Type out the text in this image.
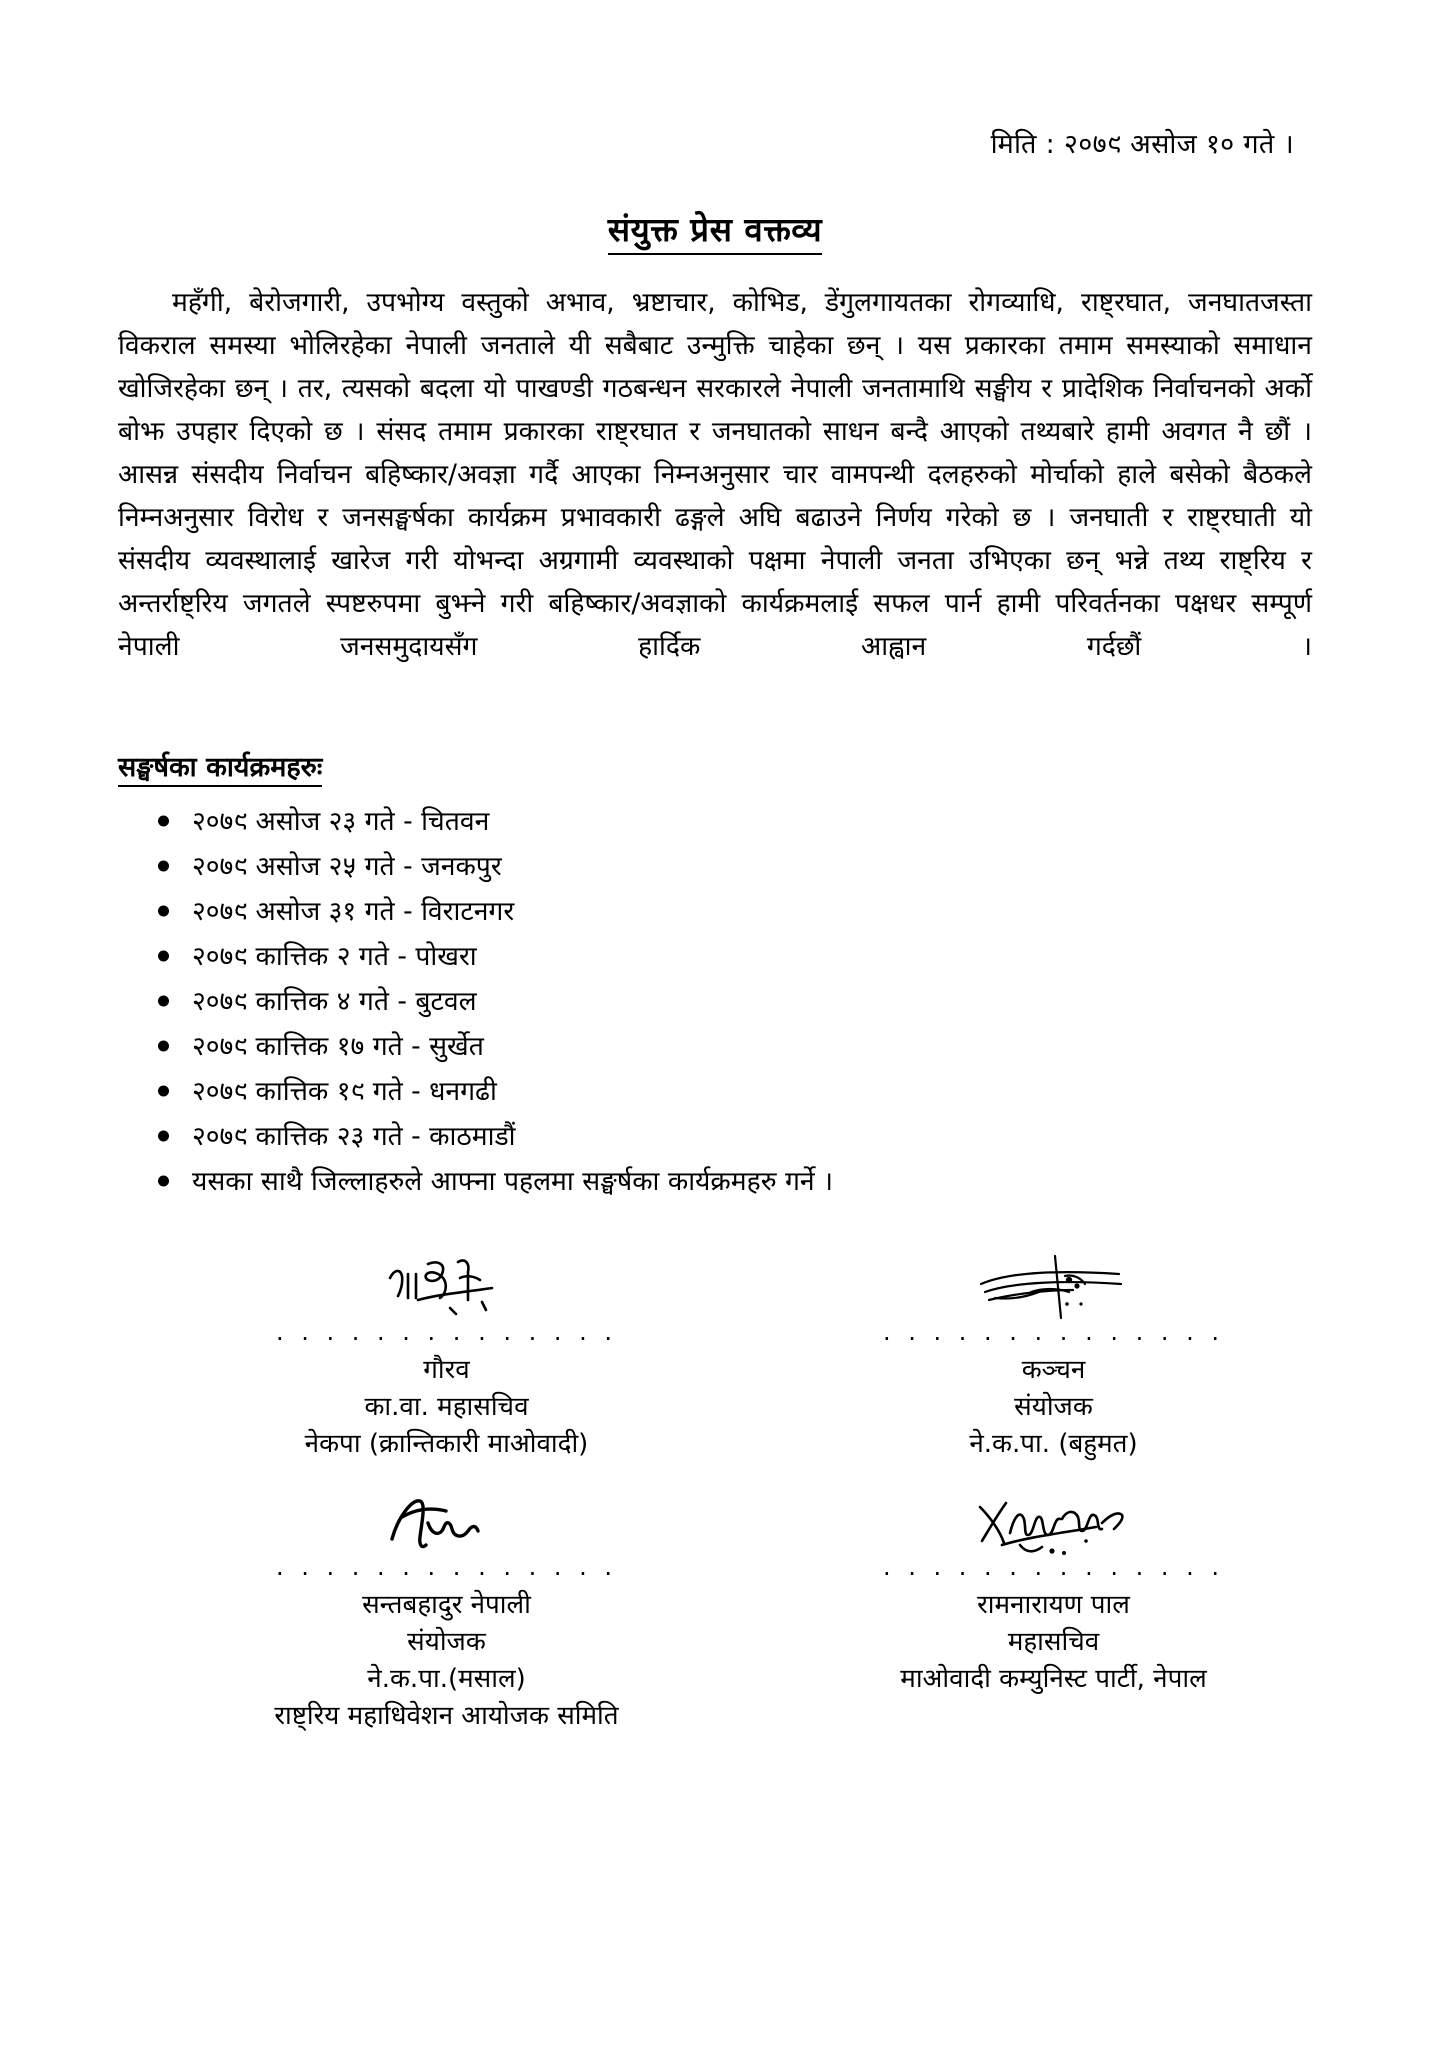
मिति : २०७९ असोज १० गते ।
संयुक्त प्रेस वक्तव्य

महँगी, बेरोजगारी, उपभोग्य वस्तुको अभाव, भ्रष्टाचार, कोभिड, डेंगुलगायतका रोगव्याधि, राष्ट्रघात, जनघातजस्ता विकराल समस्या भोलिरहेका नेपाली जनताले यी सबैबाट उन्मुक्ति चाहेका छन् । यस प्रकारका तमाम समस्याको समाधान खोजिरहेका छन् । तर, त्यसको बदला यो पाखण्डी गठबन्धन सरकारले नेपाली जनतामाथि सङ्घीय र प्रादेशिक निर्वाचनको अर्को बोझ उपहार दिएको छ । संसद तमाम प्रकारका राष्ट्रघात र जनघातको साधन बन्दै आएको तथ्यबारे हामी अवगत नै छौं । आसन्न संसदीय निर्वाचन बहिष्कार/अवज्ञा गर्दै आएका निम्नअनुसार चार वामपन्थी दलहरुको मोर्चाको हाले बसेको बैठकले निम्नअनुसार विरोध र जनसङ्घर्षका कार्यक्रम प्रभावकारी ढङ्गले अघि बढाउने निर्णय गरेको छ । जनघाती र राष्ट्रघाती यो संसदीय व्यवस्थालाई खारेज गरी योभन्दा अग्रगामी व्यवस्थाको पक्षमा नेपाली जनता उभिएका छन् भन्ने तथ्य राष्ट्रिय र अन्तर्राष्ट्रिय जगतले स्पष्टरुपमा बुझ्ने गरी बहिष्कार/अवज्ञाको कार्यक्रमलाई सफल पार्न हामी परिवर्तनका पक्षधर सम्पूर्ण नेपाली जनसमुदायसँग हार्दिक आह्वान गर्दछौं ।

सङ्घर्षका कार्यक्रमहरुः
२०७९ असोज २३ गते - चितवन
२०७९ असोज २५ गते - जनकपुर
२०७९ असोज ३१ गते - विराटनगर
२०७९ कात्तिक २ गते - पोखरा
२०७९ कात्तिक ४ गते - बुटवल
२०७९ कात्तिक १७ गते - सुर्खेत
२०७९ कात्तिक १९ गते - धनगढी
२०७९ कात्तिक २३ गते - काठमाडौं
यसका साथै जिल्लाहरुले आफ्ना पहलमा सङ्घर्षका कार्यक्रमहरु गर्ने ।
· · · · · · · · · · · · · ·
गौरव
का.वा. महासचिव
नेकपा (क्रान्तिकारी माओवादी)
· · · · · · · · · · · · · ·
कञ्चन
संयोजक
ने.क.पा. (बहुमत)
· · · · · · · · · · · · · ·
सन्तबहादुर नेपाली
संयोजक
ने.क.पा.(मसाल)
राष्ट्रिय महाधिवेशन आयोजक समिति
· · · · · · · · · · · · · ·
रामनारायण पाल
महासचिव
माओवादी कम्युनिस्ट पार्टी, नेपाल
